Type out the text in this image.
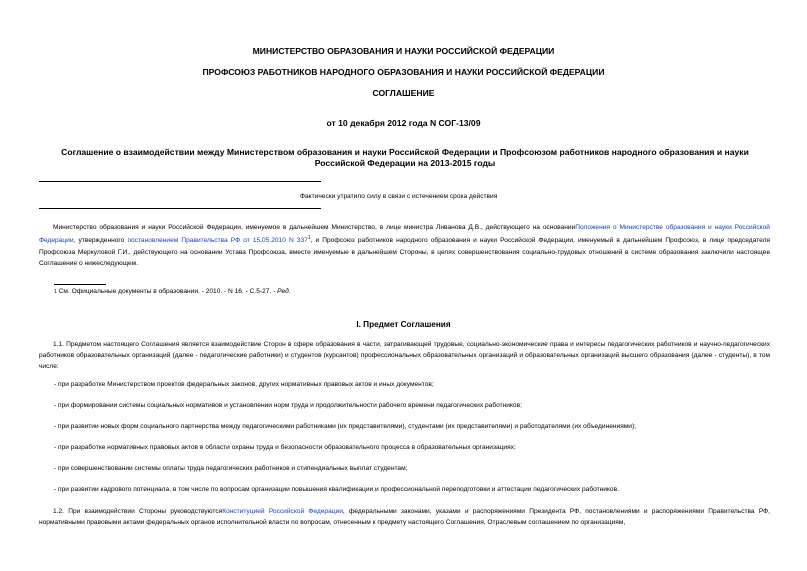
МИНИСТЕРСТВО ОБРАЗОВАНИЯ И НАУКИ РОССИЙСКОЙ ФЕДЕРАЦИИ
ПРОФСОЮЗ РАБОТНИКОВ НАРОДНОГО ОБРАЗОВАНИЯ И НАУКИ РОССИЙСКОЙ ФЕДЕРАЦИИ
СОГЛАШЕНИЕ
от 10 декабря 2012 года N СОГ-13/09
Соглашение о взаимодействии между Министерством образования и науки Российской Федерации и Профсоюзом работников народного образования и науки Российской Федерации на 2013-2015 годы
Фактически утратило силу в связи с истечением срока действия
Министерство образования и науки Российской Федерации, именуемое в дальнейшем Министерство, в лице министра Ливанова Д.В., действующего на основанииПоложения о Министерстве образования и науки Российской Федерации, утвержденного постановлением Правительства РФ от 15.05.2010 N $337^1$, и Профсоюз работников народного образования и науки Российской Федерации, именуемый в дальнейшем Профсоюз, в лице председателя Профсоюза Меркуловой Г.И., действующего на основании Устава Профсоюза, вместе именуемые в дальнейшем Стороны, в целях совершенствования социально-трудовых отношений в системе образования заключили настоящее Соглашение о нижеследующем.
1 См. Официальные документы в образовании. - 2010. - N 16. - С.5-27. - Ред.
I. Предмет Соглашения
1.1. Предметом настоящего Соглашения является взаимодействие Сторон в сфере образования в части, затрагивающей трудовые, социально-экономические права и интересы педагогических работников и научно-педагогических работников образовательных организаций (далее - педагогические работники) и студентов (курсантов) профессиональных образовательных организаций и образовательных организаций высшего образования (далее - студенты), в том числе:
- при разработке Министерством проектов федеральных законов, других нормативных правовых актов и иных документов;
- при формировании системы социальных нормативов и установлении норм труда и продолжительности рабочего времени педагогических работников;
- при развитии новых форм социального партнерства между педагогическими работниками (их представителями), студентами (их представителями) и работодателями (их объединениями);
- при разработке нормативных правовых актов в области охраны труда и безопасности образовательного процесса в образовательных организациях;
- при совершенствовании системы оплаты труда педагогических работников и стипендиальных выплат студентам;
- при развитии кадрового потенциала, в том числе по вопросам организации повышения квалификации и профессиональной переподготовки и аттестации педагогических работников.
1.2. При взаимодействии Стороны руководствуютсяКонституцией Российской Федерации, федеральными законами, указами и распоряжениями Президента РФ, постановлениями и распоряжениями Правительства РФ, нормативными правовыми актами федеральных органов исполнительной власти по вопросам, отнесенным к предмету настоящего Соглашения, Отраслевым соглашением по организациям,
